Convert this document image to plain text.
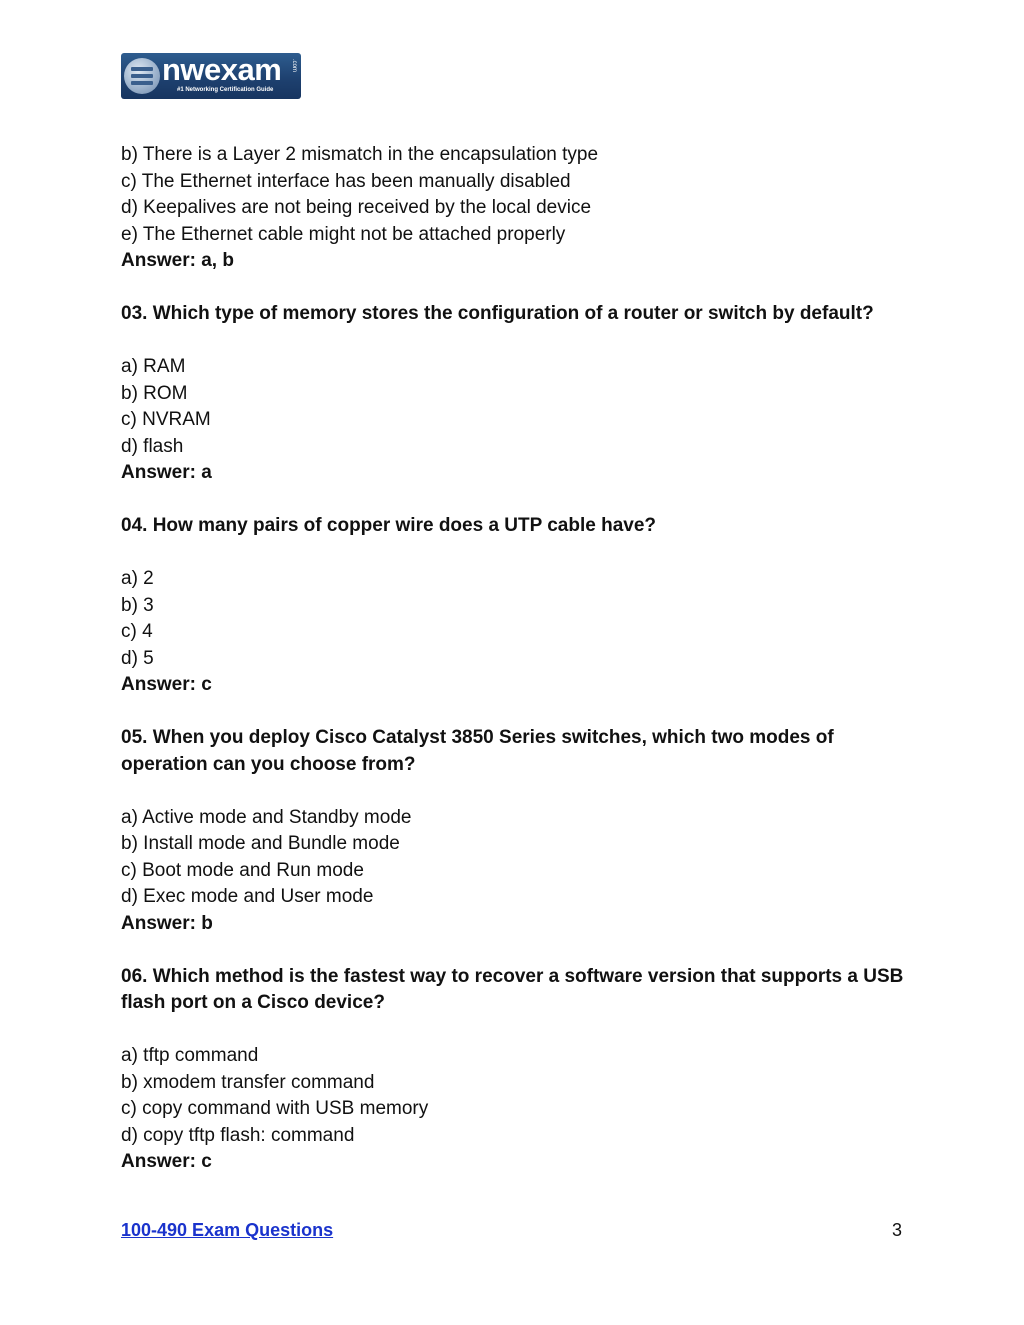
nwexam .com
#1 Networking Certification Guide

b) There is a Layer 2 mismatch in the encapsulation type

c) The Ethernet interface has been manually disabled

d) Keepalives are not being received by the local device

e) The Ethernet cable might not be attached properly

Answer: a, b

03. Which type of memory stores the configuration of a router or switch by default?

a) RAM

b) ROM

c) NVRAM

d) flash

Answer: a

04. How many pairs of copper wire does a UTP cable have?

a) 2

b) 3

c) 4

d) 5

Answer: c

05. When you deploy Cisco Catalyst 3850 Series switches, which two modes of operation can you choose from?

a) Active mode and Standby mode

b) Install mode and Bundle mode

c) Boot mode and Run mode

d) Exec mode and User mode

Answer: b

06. Which method is the fastest way to recover a software version that supports a USB flash port on a Cisco device?

a) tftp command

b) xmodem transfer command

c) copy command with USB memory

d) copy tftp flash: command

Answer: c

100-490 Exam Questions	3
